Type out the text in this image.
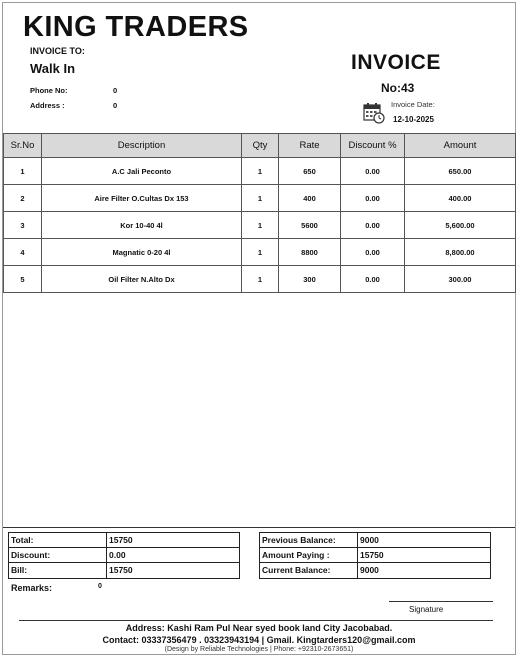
KING TRADERS
INVOICE TO:
Walk In
Phone No:	0
Address :	0
INVOICE
No:43
Invoice Date:
12-10-2025
Sr.No	Description	Qty	Rate	Discount %	Amount
1	A.C Jali Peconto	1	650	0.00	650.00
2	Aire Filter O.Cultas Dx 153	1	400	0.00	400.00
3	Kor 10-40 4l	1	5600	0.00	5,600.00
4	Magnatic 0-20 4l	1	8800	0.00	8,800.00
5	Oil Filter N.Alto Dx	1	300	0.00	300.00
Total:	15750
Discount:	0.00
Bill:	15750
Previous Balance:	9000
Amount Paying :	15750
Current Balance:	9000
Remarks:	0
Signature
Address: Kashi Ram Pul Near syed book land City Jacobabad.
Contact: 03337356479 . 03323943194 | Gmail. Kingtarders120@gmail.com
(Design by Reliable Technologies | Phone: +92310-2673651)
